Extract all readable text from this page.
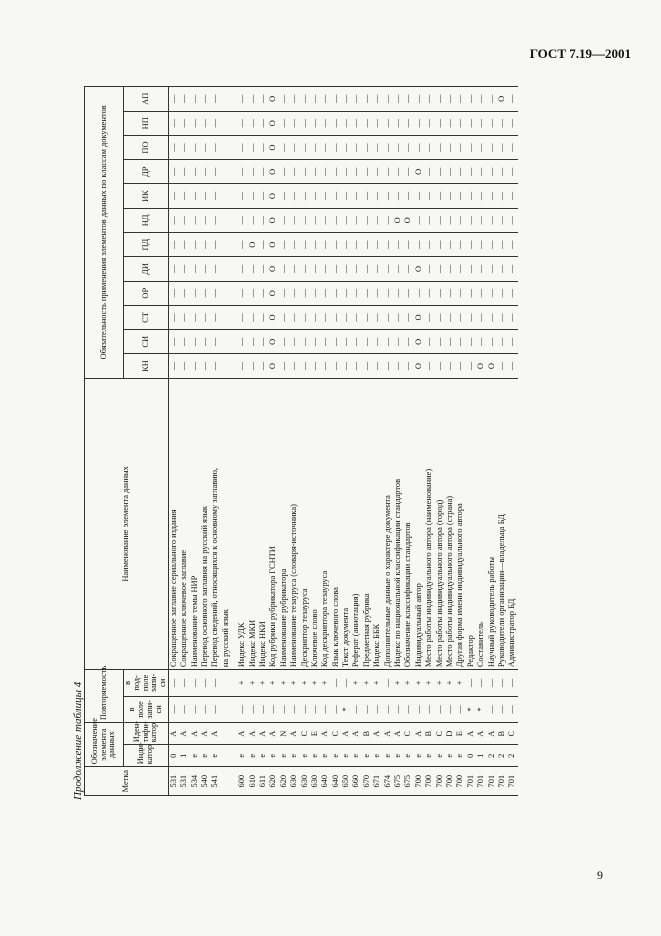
ГОСТ 7.19—2001
Продолжение таблицы 4	Метка	Обозначение элемента данных		Повторяемость		Наименование элемента данных	Обязательность применения элементов данных по классам документов											
	Инди-катор	Иден-тифи-катор	в поле запи-си	в под-поле запи-си		КН	СИ	СТ	ОР	ДИ	ПД	НД	ИК	ДР	ПО	НП	АП
531	0	A	—	—	Сокращенное заглавие сериального издания	—	—	—	—	—	—	—	—	—	—	—	—
531	1	A	—	—	Сокращенное ключевое заглавие	—	—	—	—	—	—	—	—	—	—	—	—
534	e	A	—	—	Наименование темы НИР	—	—	—	—	—	—	—	—	—	—	—	—
540	e	A	—	—	Перевод основного заглавия на русский язык	—	—	—	—	—	—	—	—	—	—	—	—
541	e	A	—	—	Перевод сведений, относящихся к основному заглавию,	—	—	—	—	—	—	—	—	—	—	—	—
					на русский язык												

600	e	A	—	+	Индекс УДК	—	—	—	—	—	—	—	—	—	—	—	—
610	e	A	—	+	Индекс МКИ	—	—	—	—	—	O	—	—	—	—	—	—
611	e	A	—	+	Индекс НКИ	—	—	—	—	—	—	—	—	—	—	—	—
620	e	A	—	+	Код рубрики рубрикатора ГСНТИ	O	O	O	O	O	O	O	O	O	O	O	O
620	e	N	—	+	Наименование рубрикатора	—	—	—	—	—	—	—	—	—	—	—	—
630	e	A	—	+	Наименование тезауруса (словаря-источника)	—	—	—	—	—	—	—	—	—	—	—	—
630	e	C	—	+	Дескриптор тезауруса	—	—	—	—	—	—	—	—	—	—	—	—
630	e	E	—	+	Ключевое слово	—	—	—	—	—	—	—	—	—	—	—	—
640	e	A	—	+	Код дескриптора тезауруса	—	—	—	—	—	—	—	—	—	—	—	—
640	e	C	—	—	Язык ключевого слова	—	—	—	—	—	—	—	—	—	—	—	—
650	e	A	*	—	Текст документа	—	—	—	—	—	—	—	—	—	—	—	—
660	e	A	—	+	Реферат (аннотация)	—	—	—	—	—	—	—	—	—	—	—	—
670	e	B	—	+	Предметная рубрика	—	—	—	—	—	—	—	—	—	—	—	—
671	e	A	—	+	Индекс ББК	—	—	—	—	—	—	—	—	—	—	—	—
674	e	A	—	—	Дополнительные данные о характере документа	—	—	—	—	—	—	—	—	—	—	—	—
675	e	A	—	+	Индекс по национальной классификации стандартов	—	—	—	—	—	—	O	—	—	—	—	—
675	e	C	—	+	Обозначение классификации стандартов	—	—	—	—	—	—	O	—	—	—	—	—
700	e	A	—	+	Индивидуальный автор	O	O	O	—	O	—	—	—	O	—	—	—
700	e	B	—	+	Место работы индивидуального автора (наименование)	—	—	—	—	—	—	—	—	—	—	—	—
700	e	C	—	+	Место работы индивидуального автора (город)	—	—	—	—	—	—	—	—	—	—	—	—
700	e	D	—	+	Место работы индивидуального автора (страна)	—	—	—	—	—	—	—	—	—	—	—	—
700	e	E	—	+	Другая форма имени индивидуального автора	—	—	—	—	—	—	—	—	—	—	—	—
701	0	A	*	—	Редактор	—	—	—	—	—	—	—	—	—	—	—	—
701	1	A	*	—	Составитель	O	—	—	—	—	—	—	—	—	—	—	—
701	2	A	—	—	Научный руководитель работы	O	—	—	—	—	—	—	—	—	—	—	—
701	2	B	—	—	Руководители организации—владельца БД	—	—	—	—	—	—	—	—	—	—	—	O
701	2	C	—	—	Администратор БД	—	—	—	—	—	—	—	—	—	—	—	—
9
